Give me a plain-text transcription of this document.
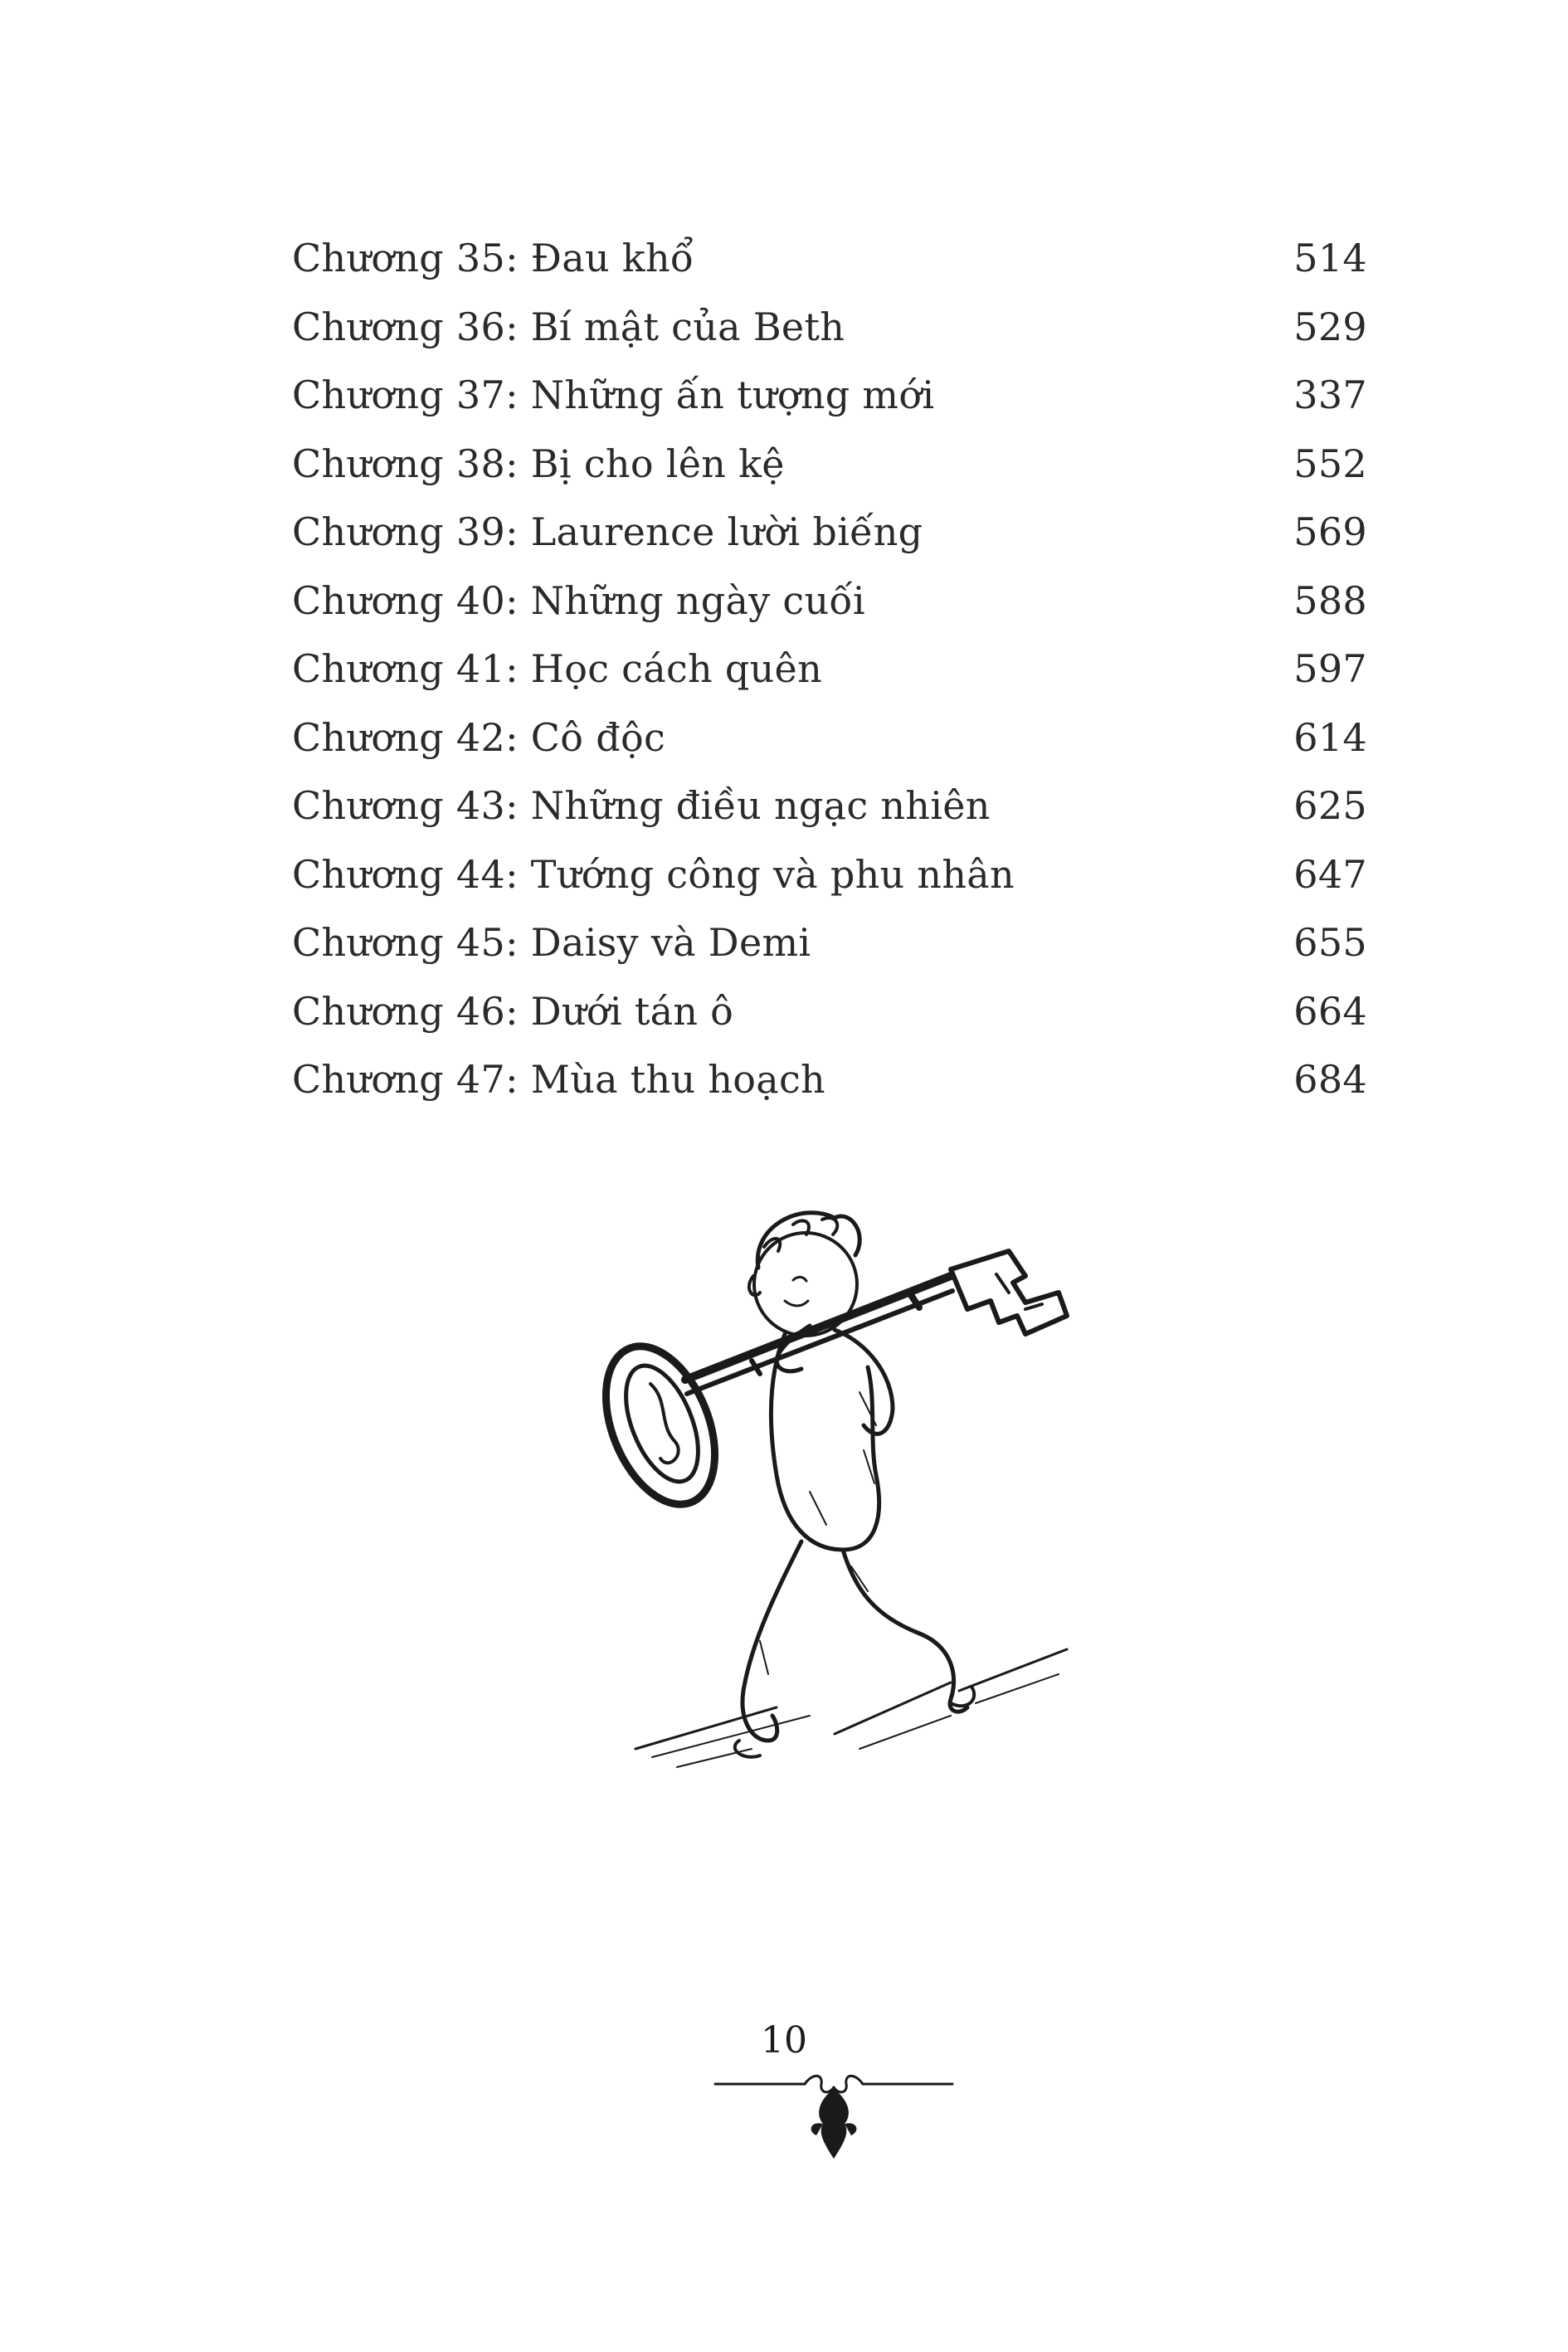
Chương 35: Đau khổ	514
Chương 36: Bí mật của Beth	529
Chương 37: Những ấn tượng mới	337
Chương 38: Bị cho lên kệ	552
Chương 39: Laurence lười biếng	569
Chương 40: Những ngày cuối	588
Chương 41: Học cách quên	597
Chương 42: Cô độc	614
Chương 43: Những điều ngạc nhiên	625
Chương 44: Tướng công và phu nhân	647
Chương 45: Daisy và Demi	655
Chương 46: Dưới tán ô	664
Chương 47: Mùa thu hoạch	684
10
